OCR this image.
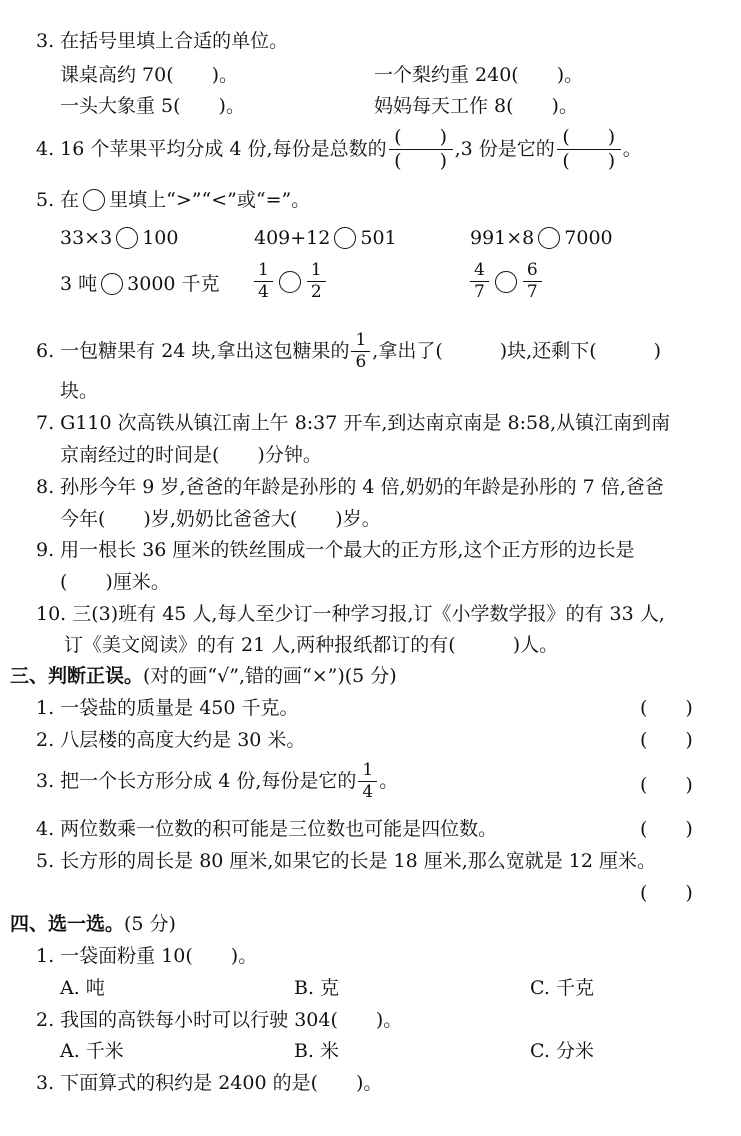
3. 在括号里填上合适的单位。
课桌高约 70(　　)。	一个梨约重 240(　　)。
一头大象重 5(　　)。	妈妈每天工作 8(　　)。
4. 16 个苹果平均分成 4 份,每份是总数的 $\frac{( )}{( )} ,3$ 份是它的 $\frac{( )}{( )}$ 。
5. 在 里填上“>”“<”或“=”。
33×3 100	409+12 501	991×8 7000
3 吨 3000 千克 $\frac{1}{4} \frac{1}{2}$	$\frac{4}{7} \frac{6}{7}$
6. 一包糖果有 24 块,拿出这包糖果的 $\frac{1}{6}$ ,拿出了(　　　)块,还剩下(　　　)
块。
7. G110 次高铁从镇江南上午 8:37 开车,到达南京南是 8:58,从镇江南到南
京南经过的时间是(　　)分钟。
8. 孙彤今年 9 岁,爸爸的年龄是孙彤的 4 倍,奶奶的年龄是孙彤的 7 倍,爸爸
今年(　　)岁,奶奶比爸爸大(　　)岁。
9. 用一根长 36 厘米的铁丝围成一个最大的正方形,这个正方形的边长是
(　　)厘米。
10. 三(3)班有 45 人,每人至少订一种学习报,订《小学数学报》的有 33 人,
订《美文阅读》的有 21 人,两种报纸都订的有(　　　)人。
三、判断正误。(对的画“√”,错的画“×”)(5 分)
1. 一袋盐的质量是 450 千克。	(　　)
2. 八层楼的高度大约是 30 米。	(　　)
3. 把一个长方形分成 4 份,每份是它的 $\frac{1}{4}$ 。	(　　)
4. 两位数乘一位数的积可能是三位数也可能是四位数。	(　　)
5. 长方形的周长是 80 厘米,如果它的长是 18 厘米,那么宽就是 12 厘米。
(　　)
四、选一选。(5 分)
1. 一袋面粉重 10(　　)。
A. 吨	B. 克	C. 千克
2. 我国的高铁每小时可以行驶 304(　　)。
A. 千米	B. 米	C. 分米
3. 下面算式的积约是 2400 的是(　　)。
